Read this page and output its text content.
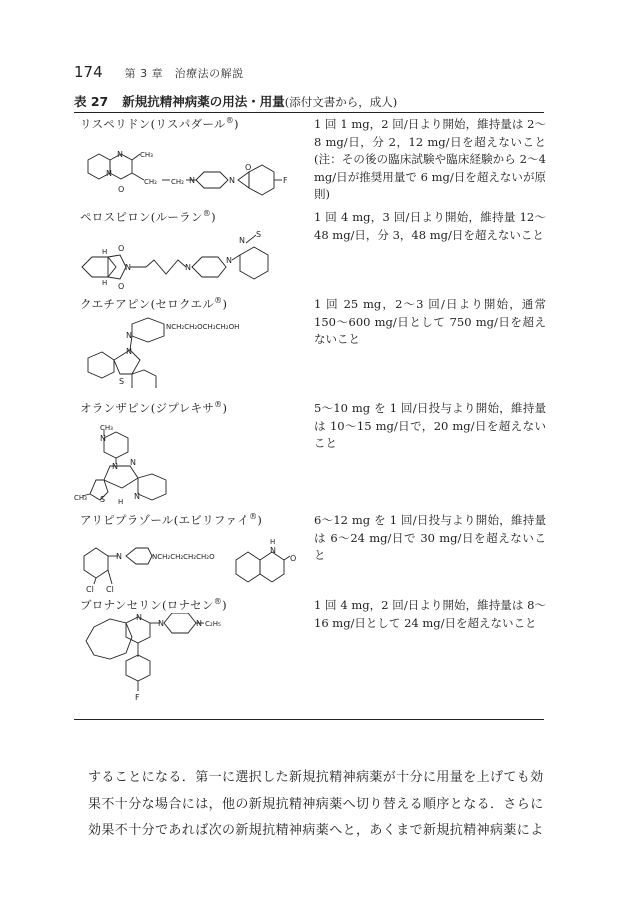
174 第 3 章　治療法の解説
表 27 新規抗精神病薬の用法・用量(添付文書から，成人)
リスペリドン(リスパダール®)
N
N
O
CH₃
CH₂ CH₂ N	N
O
F

1 回 1 mg，2 回/日より開始，維持量は 2～8 mg/日，分 2，12 mg/日を超えないこと(注：その後の臨床試験や臨床経験から 2～4 mg/日が推奨用量で 6 mg/日を超えないが原則)

ペロスピロン(ルーラン®)
O
N
O
N
N
S
N
H
H

1 回 4 mg，3 回/日より開始，維持量 12～48 mg/日，分 3，48 mg/日を超えないこと

クエチアピン(セロクエル®)
N
NCH₂CH₂OCH₂CH₂OH
N
S

1 回 25 mg，2～3 回/日より開始，通常 150～600 mg/日として 750 mg/日を超えないこと

オランザピン(ジプレキサ®)
CH₃
N
N N
N
S
CH₃	H

5～10 mg を 1 回/日投与より開始，維持量は 10～15 mg/日で，20 mg/日を超えないこと

アリピプラゾール(エビリファイ®)
N	NCH₂CH₂CH₂CH₂O
H
N
O
Cl Cl

6～12 mg を 1 回/日投与より開始，維持量は 6～24 mg/日で 30 mg/日を超えないこと

ブロナンセリン(ロナセン®)
N
N	N C₂H₅
F

1 回 4 mg，2 回/日より開始，維持量は 8～16 mg/日として 24 mg/日を超えないこと

することになる．第一に選択した新規抗精神病薬が十分に用量を上げても効
果不十分な場合には，他の新規抗精神病薬へ切り替える順序となる．さらに
効果不十分であれば次の新規抗精神病薬へと，あくまで新規抗精神病薬によ
